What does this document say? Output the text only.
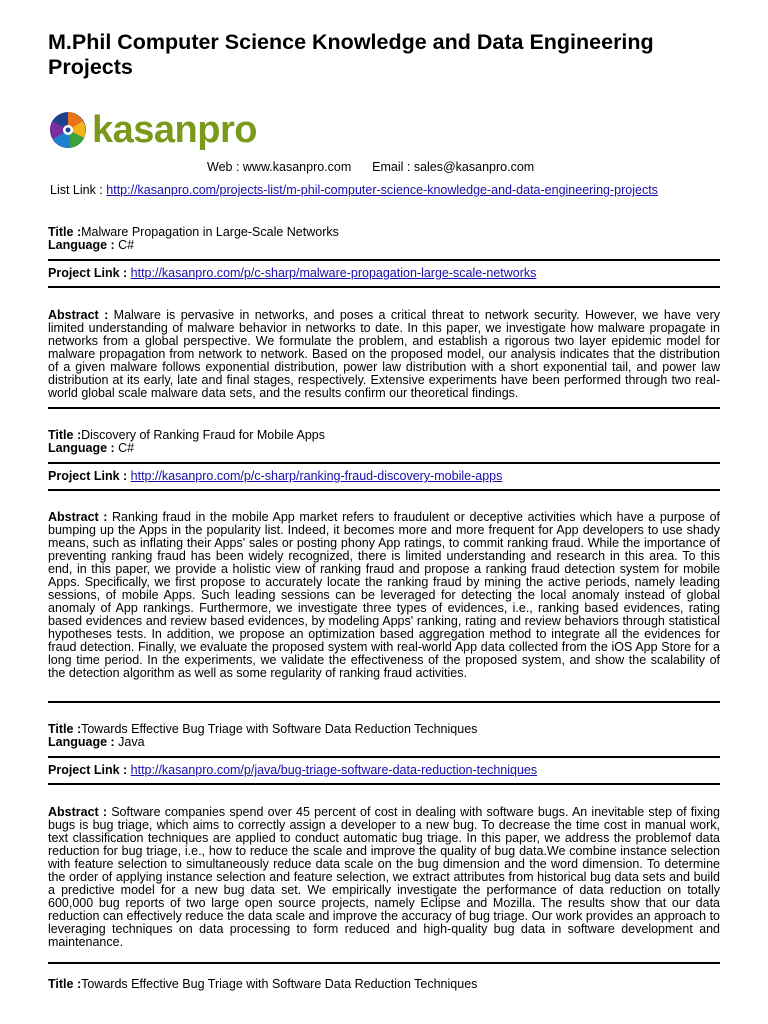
M.Phil Computer Science Knowledge and Data Engineering Projects
kasanpro
Web : www.kasanpro.com Email : sales@kasanpro.com
List Link : http://kasanpro.com/projects-list/m-phil-computer-science-knowledge-and-data-engineering-projects
Title :Malware Propagation in Large-Scale Networks
Language : C#
Project Link : http://kasanpro.com/p/c-sharp/malware-propagation-large-scale-networks
Abstract : Malware is pervasive in networks, and poses a critical threat to network security. However, we have very limited understanding of malware behavior in networks to date. In this paper, we investigate how malware propagate in networks from a global perspective. We formulate the problem, and establish a rigorous two layer epidemic model for malware propagation from network to network. Based on the proposed model, our analysis indicates that the distribution of a given malware follows exponential distribution, power law distribution with a short exponential tail, and power law distribution at its early, late and final stages, respectively. Extensive experiments have been performed through two real-world global scale malware data sets, and the results confirm our theoretical findings.
Title :Discovery of Ranking Fraud for Mobile Apps
Language : C#
Project Link : http://kasanpro.com/p/c-sharp/ranking-fraud-discovery-mobile-apps
Abstract : Ranking fraud in the mobile App market refers to fraudulent or deceptive activities which have a purpose of bumping up the Apps in the popularity list. Indeed, it becomes more and more frequent for App developers to use shady means, such as inflating their Apps' sales or posting phony App ratings, to commit ranking fraud. While the importance of preventing ranking fraud has been widely recognized, there is limited understanding and research in this area. To this end, in this paper, we provide a holistic view of ranking fraud and propose a ranking fraud detection system for mobile Apps. Specifically, we first propose to accurately locate the ranking fraud by mining the active periods, namely leading sessions, of mobile Apps. Such leading sessions can be leveraged for detecting the local anomaly instead of global anomaly of App rankings. Furthermore, we investigate three types of evidences, i.e., ranking based evidences, rating based evidences and review based evidences, by modeling Apps' ranking, rating and review behaviors through statistical hypotheses tests. In addition, we propose an optimization based aggregation method to integrate all the evidences for fraud detection. Finally, we evaluate the proposed system with real-world App data collected from the iOS App Store for a long time period. In the experiments, we validate the effectiveness of the proposed system, and show the scalability of the detection algorithm as well as some regularity of ranking fraud activities.
Title :Towards Effective Bug Triage with Software Data Reduction Techniques
Language : Java
Project Link : http://kasanpro.com/p/java/bug-triage-software-data-reduction-techniques
Abstract : Software companies spend over 45 percent of cost in dealing with software bugs. An inevitable step of fixing bugs is bug triage, which aims to correctly assign a developer to a new bug. To decrease the time cost in manual work, text classification techniques are applied to conduct automatic bug triage. In this paper, we address the problemof data reduction for bug triage, i.e., how to reduce the scale and improve the quality of bug data.We combine instance selection with feature selection to simultaneously reduce data scale on the bug dimension and the word dimension. To determine the order of applying instance selection and feature selection, we extract attributes from historical bug data sets and build a predictive model for a new bug data set. We empirically investigate the performance of data reduction on totally 600,000 bug reports of two large open source projects, namely Eclipse and Mozilla. The results show that our data reduction can effectively reduce the data scale and improve the accuracy of bug triage. Our work provides an approach to leveraging techniques on data processing to form reduced and high-quality bug data in software development and maintenance.
Title :Towards Effective Bug Triage with Software Data Reduction Techniques
